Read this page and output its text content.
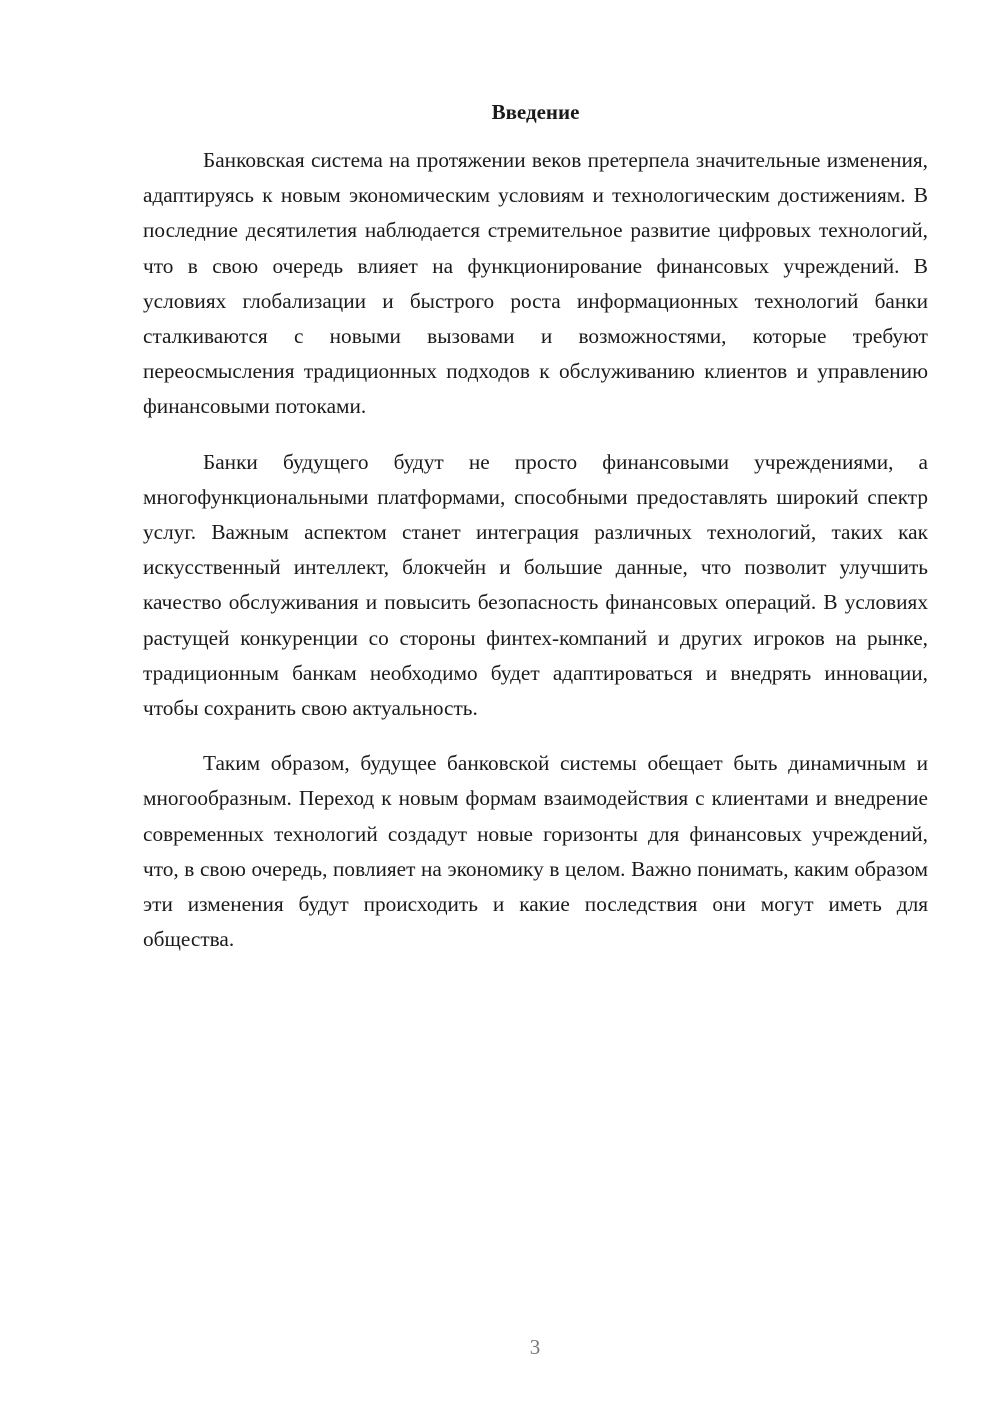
Введение

Банковская система на протяжении веков претерпела значительные изменения, адаптируясь к новым экономическим условиям и технологическим достижениям. В последние десятилетия наблюдается стремительное развитие цифровых технологий, что в свою очередь влияет на функционирование финансовых учреждений. В условиях глобализации и быстрого роста информационных технологий банки сталкиваются с новыми вызовами и возможностями, которые требуют переосмысления традиционных подходов к обслуживанию клиентов и управлению финансовыми потоками.

Банки будущего будут не просто финансовыми учреждениями, а многофункциональными платформами, способными предоставлять широкий спектр услуг. Важным аспектом станет интеграция различных технологий, таких как искусственный интеллект, блокчейн и большие данные, что позволит улучшить качество обслуживания и повысить безопасность финансовых операций. В условиях растущей конкуренции со стороны финтех-компаний и других игроков на рынке, традиционным банкам необходимо будет адаптироваться и внедрять инновации, чтобы сохранить свою актуальность.

Таким образом, будущее банковской системы обещает быть динамичным и многообразным. Переход к новым формам взаимодействия с клиентами и внедрение современных технологий создадут новые горизонты для финансовых учреждений, что, в свою очередь, повлияет на экономику в целом. Важно понимать, каким образом эти изменения будут происходить и какие последствия они могут иметь для общества.

3
